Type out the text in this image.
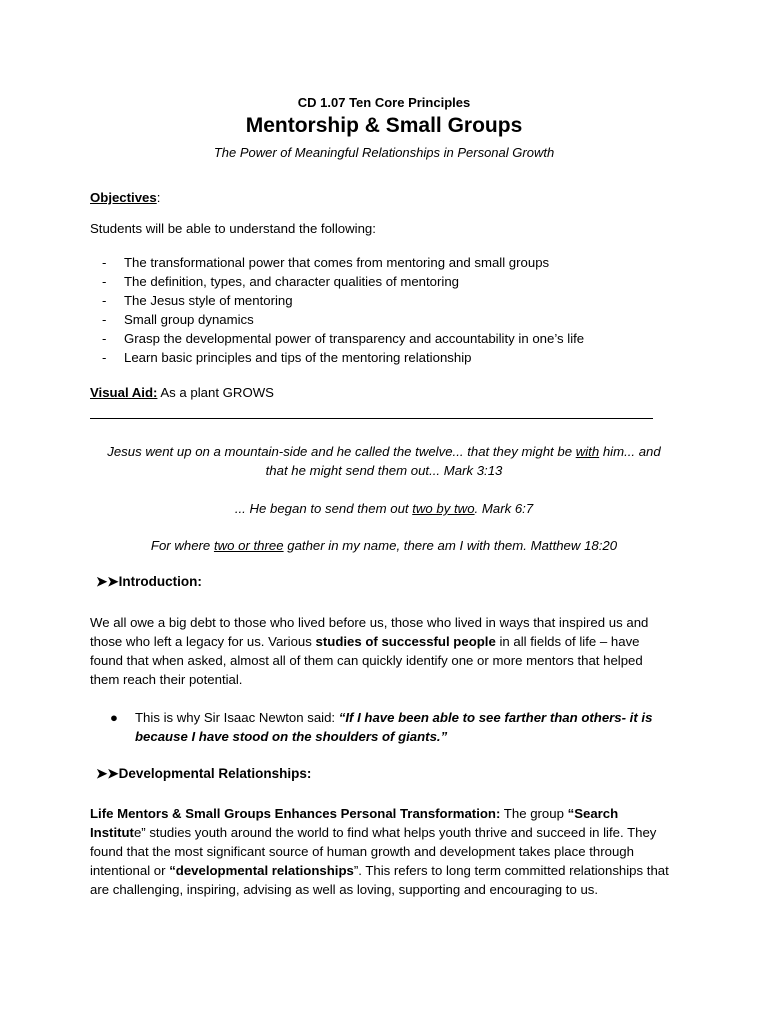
CD 1.07 Ten Core Principles
Mentorship & Small Groups
The Power of Meaningful Relationships in Personal Growth
Objectives:
Students will be able to understand the following:
- The transformational power that comes from mentoring and small groups
- The definition, types, and character qualities of mentoring
- The Jesus style of mentoring
- Small group dynamics
- Grasp the developmental power of transparency and accountability in one’s life
- Learn basic principles and tips of the mentoring relationship
Visual Aid: As a plant GROWS
Jesus went up on a mountain-side and he called the twelve... that they might be with him... and
that he might send them out... Mark 3:13
... He began to send them out two by two. Mark 6:7
For where two or three gather in my name, there am I with them. Matthew 18:20
➤➤Introduction:
We all owe a big debt to those who lived before us, those who lived in ways that inspired us and those who left a legacy for us. Various studies of successful people in all fields of life – have found that when asked, almost all of them can quickly identify one or more mentors that helped them reach their potential.
● This is why Sir Isaac Newton said: “If I have been able to see farther than others- it is because I have stood on the shoulders of giants.”
➤➤Developmental Relationships:
Life Mentors & Small Groups Enhances Personal Transformation: The group “Search Institute” studies youth around the world to find what helps youth thrive and succeed in life. They found that the most significant source of human growth and development takes place through intentional or “developmental relationships”. This refers to long term committed relationships that are challenging, inspiring, advising as well as loving, supporting and encouraging to us.
